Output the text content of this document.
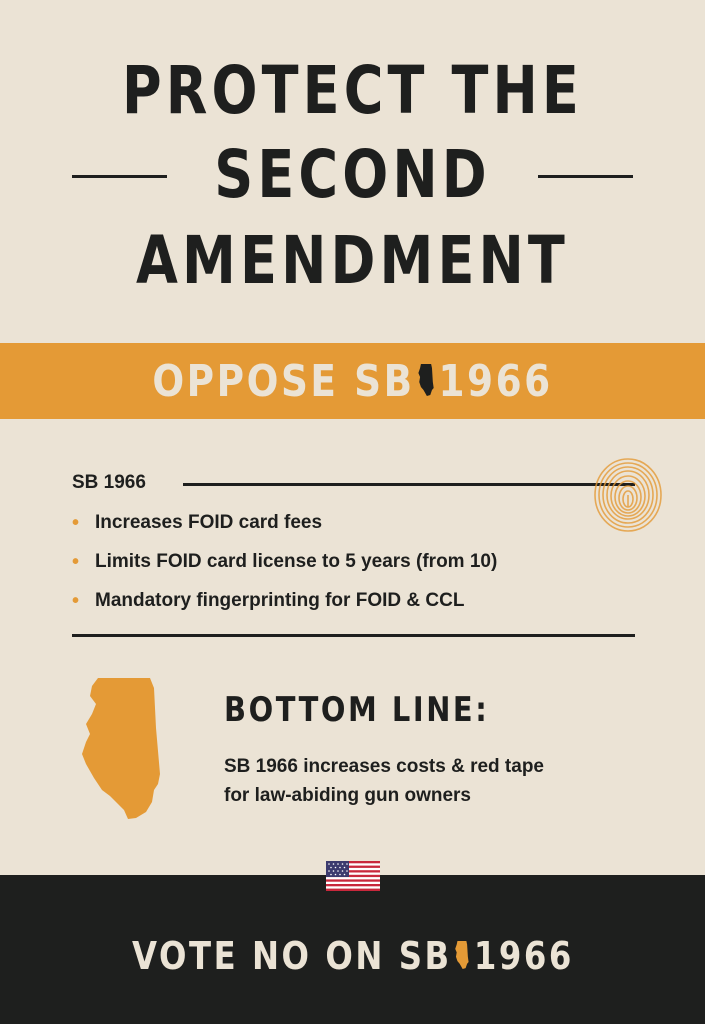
PROTECT THE
SECOND
AMENDMENT
OPPOSE SB 1966
SB 1966
• Increases FOID card fees
• Limits FOID card license to 5 years (from 10)
• Mandatory fingerprinting for FOID & CCL
BOTTOM LINE:
SB 1966 increases costs & red tape
for law-abiding gun owners
VOTE NO ON SB 1966
